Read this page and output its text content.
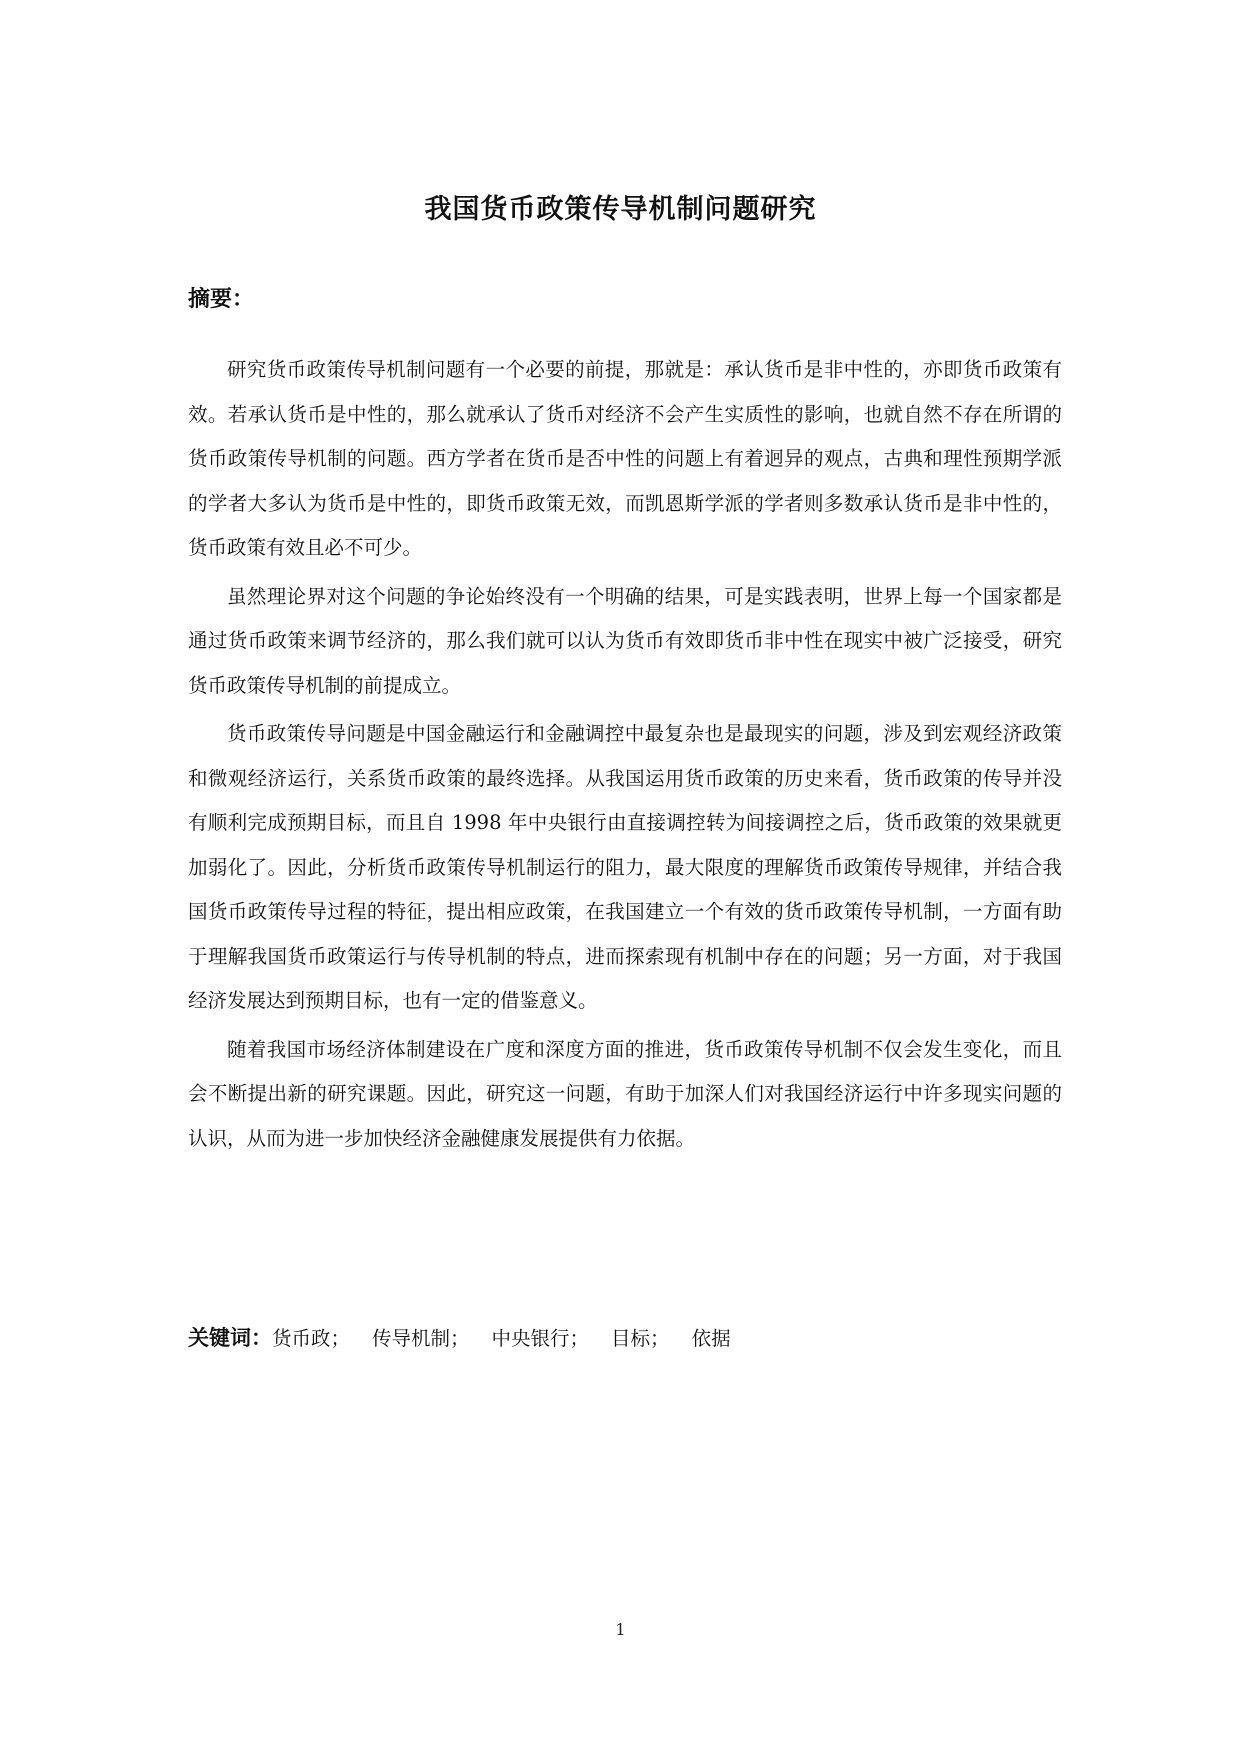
我国货币政策传导机制问题研究
摘要：

研究货币政策传导机制问题有一个必要的前提，那就是：承认货币是非中性的，亦即货币政策有效。若承认货币是中性的，那么就承认了货币对经济不会产生实质性的影响，也就自然不存在所谓的货币政策传导机制的问题。西方学者在货币是否中性的问题上有着迥异的观点，古典和理性预期学派的学者大多认为货币是中性的，即货币政策无效，而凯恩斯学派的学者则多数承认货币是非中性的，货币政策有效且必不可少。

虽然理论界对这个问题的争论始终没有一个明确的结果，可是实践表明，世界上每一个国家都是通过货币政策来调节经济的，那么我们就可以认为货币有效即货币非中性在现实中被广泛接受，研究货币政策传导机制的前提成立。

货币政策传导问题是中国金融运行和金融调控中最复杂也是最现实的问题，涉及到宏观经济政策和微观经济运行，关系货币政策的最终选择。从我国运用货币政策的历史来看，货币政策的传导并没有顺利完成预期目标，而且自 1998 年中央银行由直接调控转为间接调控之后，货币政策的效果就更加弱化了。因此，分析货币政策传导机制运行的阻力，最大限度的理解货币政策传导规律，并结合我国货币政策传导过程的特征，提出相应政策，在我国建立一个有效的货币政策传导机制，一方面有助于理解我国货币政策运行与传导机制的特点，进而探索现有机制中存在的问题；另一方面，对于我国经济发展达到预期目标，也有一定的借鉴意义。

随着我国市场经济体制建设在广度和深度方面的推进，货币政策传导机制不仅会发生变化，而且会不断提出新的研究课题。因此，研究这一问题，有助于加深人们对我国经济运行中许多现实问题的认识，从而为进一步加快经济金融健康发展提供有力依据。

关键词： 货币政； 传导机制； 中央银行； 目标； 依据
1
